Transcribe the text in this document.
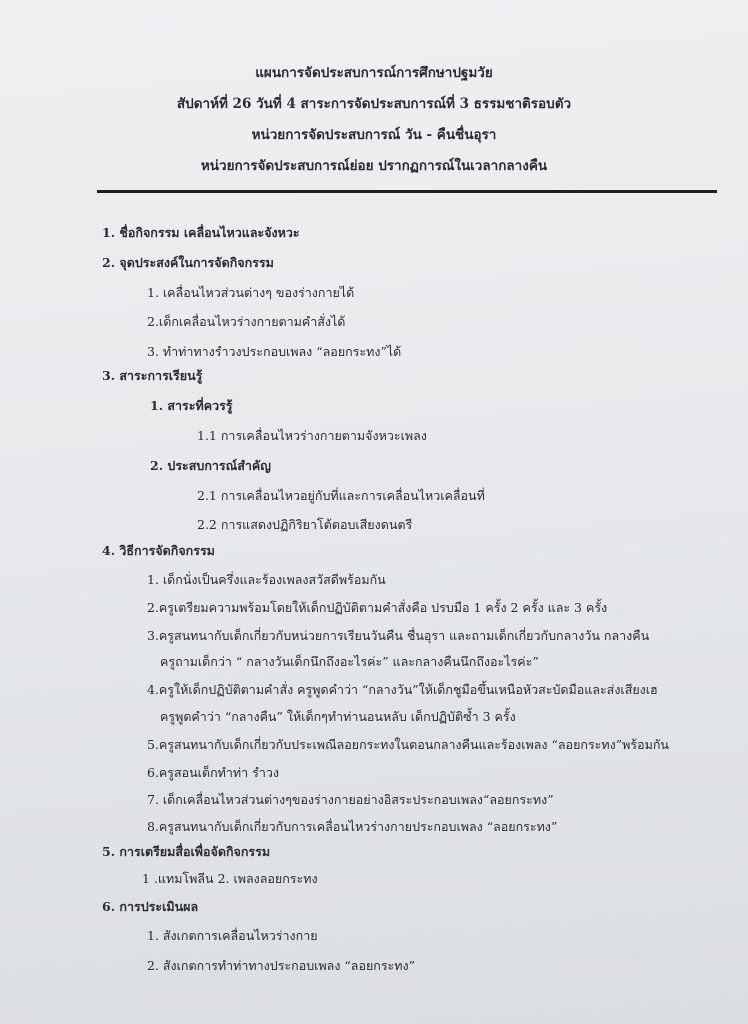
แผนการจัดประสบการณ์การศึกษาปฐมวัย
สัปดาห์ที่ 26 วันที่ 4 สาระการจัดประสบการณ์ที่ 3 ธรรมชาติรอบตัว
หน่วยการจัดประสบการณ์ วัน - คืนชื่นอุรา
หน่วยการจัดประสบการณ์ย่อย ปรากฏการณ์ในเวลากลางคืน
1. ชื่อกิจกรรม เคลื่อนไหวและจังหวะ
2. จุดประสงค์ในการจัดกิจกรรม
1. เคลื่อนไหวส่วนต่างๆ ของร่างกายได้
2.เด็กเคลื่อนไหวร่างกายตามคำสั่งได้
3. ทำท่าทางรำวงประกอบเพลง “ลอยกระทง”ได้
3. สาระการเรียนรู้
1. สาระที่ควรรู้
1.1 การเคลื่อนไหวร่างกายตามจังหวะเพลง
2. ประสบการณ์สำคัญ
2.1 การเคลื่อนไหวอยู่กับที่และการเคลื่อนไหวเคลื่อนที่
2.2 การแสดงปฏิกิริยาโต้ตอบเสียงดนตรี
4. วิธีการจัดกิจกรรม
1. เด็กนั่งเป็นครึ่งและร้องเพลงสวัสดีพร้อมกัน
2.ครูเตรียมความพร้อมโดยให้เด็กปฏิบัติตามคำสั่งคือ ปรบมือ 1 ครั้ง 2 ครั้ง และ 3 ครั้ง
3.ครูสนทนากับเด็กเกี่ยวกับหน่วยการเรียนวันคืน ชื่นอุรา และถามเด็กเกี่ยวกับกลางวัน กลางคืน
ครูถามเด็กว่า “ กลางวันเด็กนึกถึงอะไรค่ะ” และกลางคืนนึกถึงอะไรค่ะ”
4.ครูให้เด็กปฏิบัติตามคำสั่ง ครูพูดคำว่า “กลางวัน”ให้เด็กชูมือขึ้นเหนือหัวสะบัดมือและส่งเสียงเฮ
ครูพูดคำว่า “กลางคืน” ให้เด็กๆทำท่านอนหลับ เด็กปฏิบัติซ้ำ 3 ครั้ง
5.ครูสนทนากับเด็กเกี่ยวกับประเพณีลอยกระทงในตอนกลางคืนและร้องเพลง “ลอยกระทง”พร้อมกัน
6.ครูสอนเด็กทำท่า รำวง
7. เด็กเคลื่อนไหวส่วนต่างๆของร่างกายอย่างอิสระประกอบเพลง“ลอยกระทง”
8.ครูสนทนากับเด็กเกี่ยวกับการเคลื่อนไหวร่างกายประกอบเพลง “ลอยกระทง”
5. การเตรียมสื่อเพื่อจัดกิจกรรม
1 .แทมโพลีน 2. เพลงลอยกระทง
6. การประเมินผล
1. สังเกตการเคลื่อนไหวร่างกาย
2. สังเกตการทำท่าทางประกอบเพลง “ลอยกระทง”
